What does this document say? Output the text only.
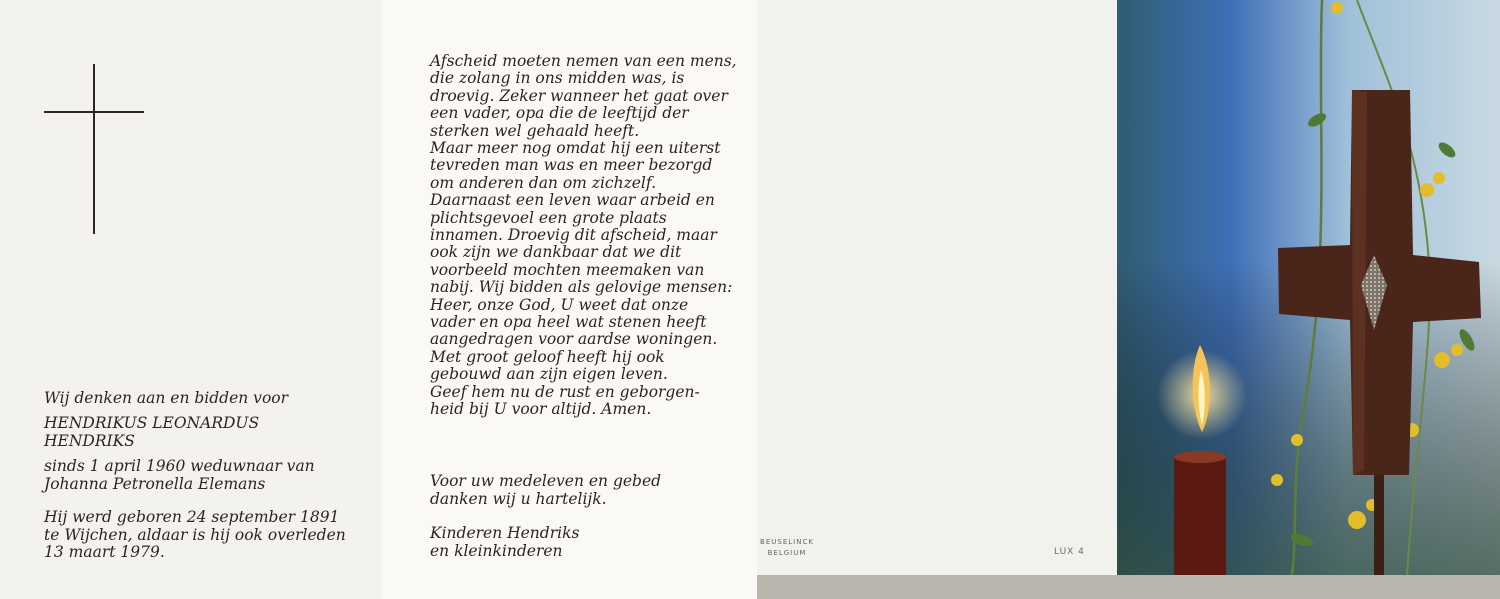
Wij denken aan en bidden voor

HENDRIKUS LEONARDUS

HENDRIKS

sinds 1 april 1960 weduwnaar van

Johanna Petronella Elemans

Hij werd geboren 24 september 1891

te Wijchen, aldaar is hij ook overleden

13 maart 1979.

Afscheid moeten nemen van een mens,

die zolang in ons midden was, is

droevig. Zeker wanneer het gaat over

een vader, opa die de leeftijd der

sterken wel gehaald heeft.

Maar meer nog omdat hij een uiterst

tevreden man was en meer bezorgd

om anderen dan om zichzelf.

Daarnaast een leven waar arbeid en

plichtsgevoel een grote plaats

innamen. Droevig dit afscheid, maar

ook zijn we dankbaar dat we dit

voorbeeld mochten meemaken van

nabij. Wij bidden als gelovige mensen:

Heer, onze God, U weet dat onze

vader en opa heel wat stenen heeft

aangedragen voor aardse woningen.

Met groot geloof heeft hij ook

gebouwd aan zijn eigen leven.

Geef hem nu de rust en geborgen-

heid bij U voor altijd. Amen.

Voor uw medeleven en gebed

danken wij u hartelijk.

Kinderen Hendriks

en kleinkinderen	BEUSELINCK
BELGIUM	LUX 4
